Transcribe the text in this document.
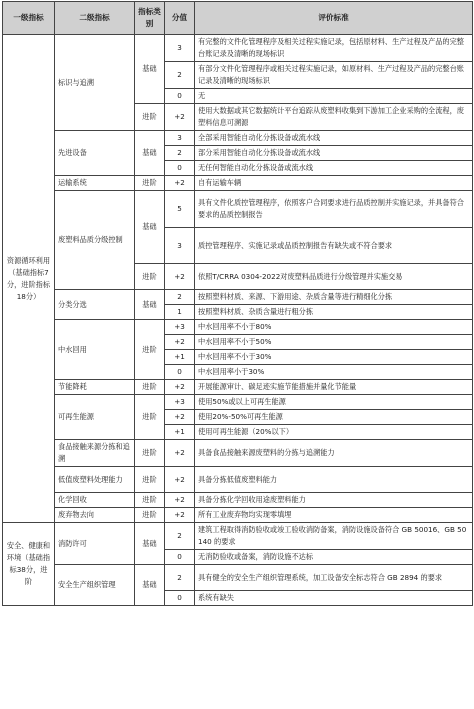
一级指标	二级指标	指标类别	分值	评价标准
资源循环利用（基础指标7分，进阶指标18分）	标识与追溯	基础	3	有完整的文件化管理程序及相关过程实施记录，包括原材料、生产过程及产品的完整台账记录及清晰的现场标识
			2	有部分文件化管理程序或相关过程实施记录，如原材料、生产过程及产品的完整台账记录及清晰的现场标识
			0	无
		进阶	+2	使用大数据或其它数据统计平台追踪从废塑料收集到下游加工企业采购的全流程，废塑料信息可溯源
	先进设备	基础	3	全部采用智能自动化分拣设备或流水线
			2	部分采用智能自动化分拣设备或流水线
			0	无任何智能自动化分拣设备或流水线
	运输系统	进阶	+2	自有运输车辆
	废塑料品质分级控制	基础	5	具有文件化质控管理程序，依照客户合同要求进行品质控制并实施记录，并具备符合要求的品质控制报告
			3	质控管理程序、实施记录或品质控制报告有缺失或不符合要求
		进阶	+2	依照T/CRRA 0304-2022对废塑料品质进行分级管理并实施交易
	分类分选	基础	2	按照塑料材质、来源、下游用途、杂质含量等进行精细化分拣
			1	按照塑料材质、杂质含量进行粗分拣
	中水回用	进阶	+3	中水回用率不小于80%
			+2	中水回用率不小于50%
			+1	中水回用率不小于30%
			0	中水回用率小于30%
	节能降耗	进阶	+2	开展能源审计、碳足迹实施节能措施并量化节能量
	可再生能源	进阶	+3	使用50%或以上可再生能源
			+2	使用20%-50%可再生能源
			+1	使用可再生能源（20%以下）
	食品接触来源分拣和追溯	进阶	+2	具备食品接触来源废塑料的分拣与追溯能力
	低值废塑料处理能力	进阶	+2	具备分拣低值废塑料能力
	化学回收	进阶	+2	具备分拣化学回收用途废塑料能力
	废弃物去向	进阶	+2	所有工业废弃物均实现零填埋
安全、健康和环境（基础指标38分，进阶	消防许可	基础	2	建筑工程取得消防验收或竣工验收消防备案，消防设施设备符合 GB 50016、GB 50140 的要求
			0	无消防验收或备案，消防设施不达标
	安全生产组织管理	基础	2	具有健全的安全生产组织管理系统，加工设备安全标志符合 GB 2894 的要求
			0	系统有缺失
